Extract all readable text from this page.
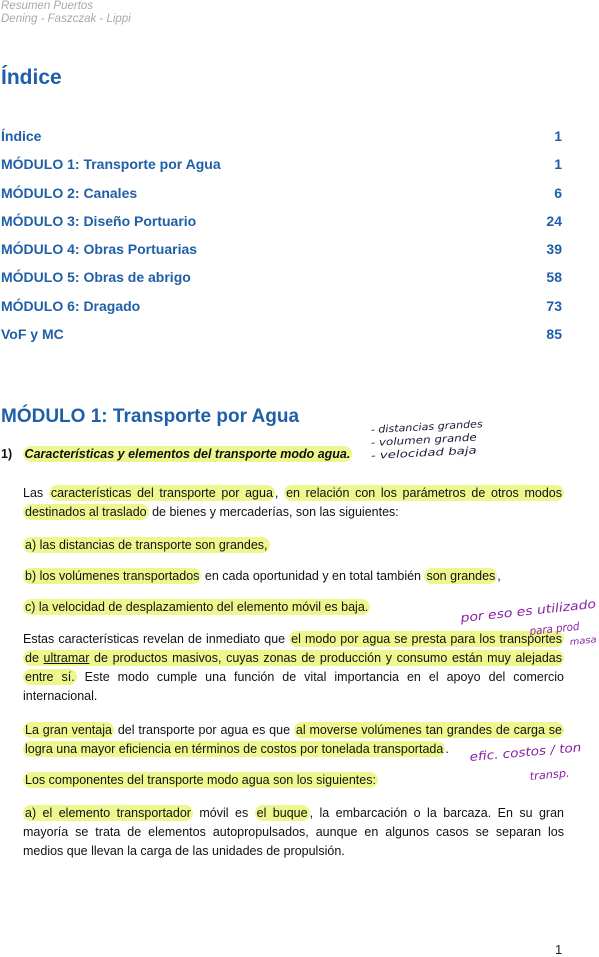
Resumen Puertos
Dening - Faszczak - Lippi
Índice
Índice	1
MÓDULO 1: Transporte por Agua	1
MÓDULO 2: Canales	6
MÓDULO 3: Diseño Portuario	24
MÓDULO 4: Obras Portuarias	39
MÓDULO 5: Obras de abrigo	58
MÓDULO 6: Dragado	73
VoF y MC	85
MÓDULO 1: Transporte por Agua
1) Características y elementos del transporte modo agua.
Las características del transporte por agua , en relación con los parámetros de otros modos destinados al traslado de bienes y mercaderías, son las siguientes:
a) las distancias de transporte son grandes,
b) los volúmenes transportados en cada oportunidad y en total también son grandes ,
c) la velocidad de desplazamiento del elemento móvil es baja.
Estas características revelan de inmediato que el modo por agua se presta para los transportes de ultramar de productos masivos, cuyas zonas de producción y consumo están muy alejadas entre sí. Este modo cumple una función de vital importancia en el apoyo del comercio internacional.
La gran ventaja del transporte por agua es que al moverse volúmenes tan grandes de carga se logra una mayor eficiencia en términos de costos por tonelada transportada .
Los componentes del transporte modo agua son los siguientes:
a) el elemento transportador móvil es el buque , la embarcación o la barcaza. En su gran mayoría se trata de elementos autopropulsados, aunque en algunos casos se separan los medios que llevan la carga de las unidades de propulsión.
- distancias grandes
- volumen grande
- velocidad baja
por eso es utilizado
para prod
masa
efic. costos / ton
transp.
1
